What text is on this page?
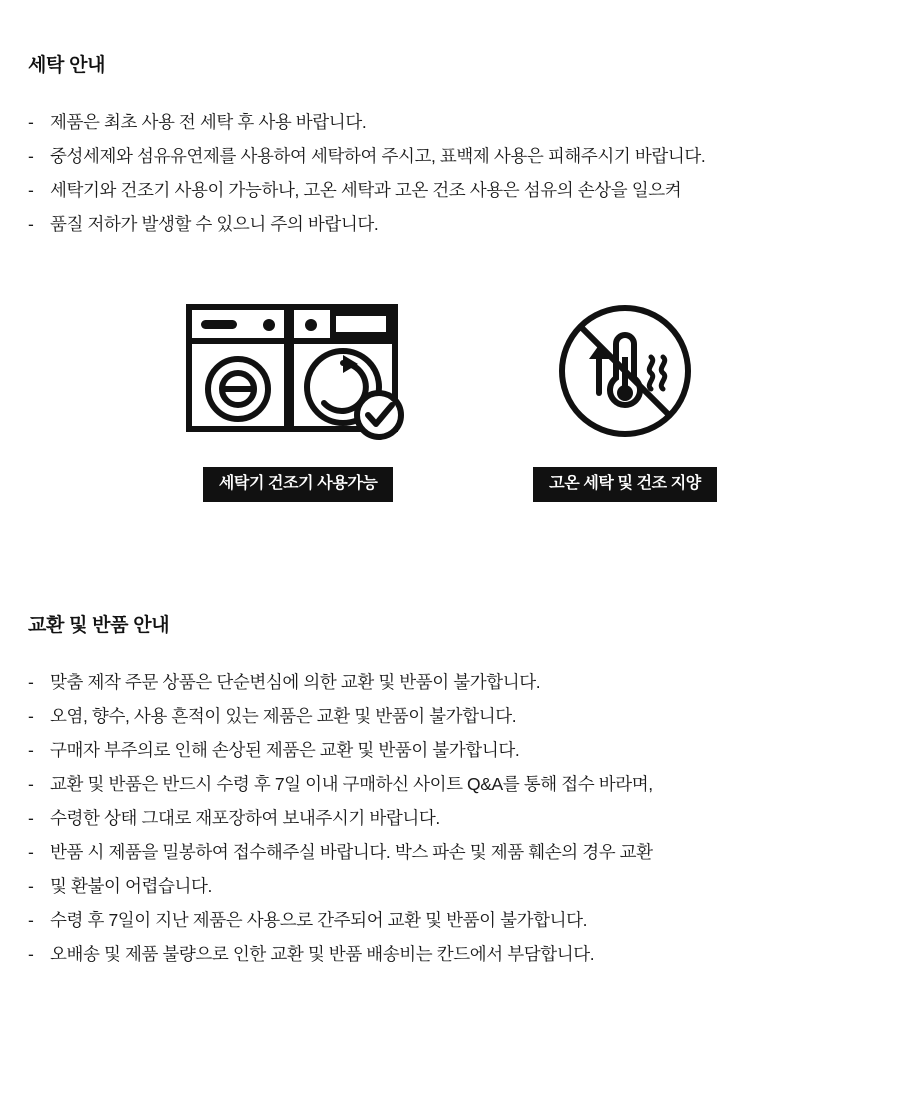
세탁 안내
- 제품은 최초 사용 전 세탁 후 사용 바랍니다.
- 중성세제와 섬유유연제를 사용하여 세탁하여 주시고, 표백제 사용은 피해주시기 바랍니다.
- 세탁기와 건조기 사용이 가능하나, 고온 세탁과 고온 건조 사용은 섬유의 손상을 일으켜
- 품질 저하가 발생할 수 있으니 주의 바랍니다.
세탁기 건조기 사용가능	고온 세탁 및 건조 지양
교환 및 반품 안내
- 맞춤 제작 주문 상품은 단순변심에 의한 교환 및 반품이 불가합니다.
- 오염, 향수, 사용 흔적이 있는 제품은 교환 및 반품이 불가합니다.
- 구매자 부주의로 인해 손상된 제품은 교환 및 반품이 불가합니다.
- 교환 및 반품은 반드시 수령 후 7일 이내 구매하신 사이트 Q&A를 통해 접수 바라며,
- 수령한 상태 그대로 재포장하여 보내주시기 바랍니다.
- 반품 시 제품을 밀봉하여 접수해주실 바랍니다. 박스 파손 및 제품 훼손의 경우 교환
- 및 환불이 어렵습니다.
- 수령 후 7일이 지난 제품은 사용으로 간주되어 교환 및 반품이 불가합니다.
- 오배송 및 제품 불량으로 인한 교환 및 반품 배송비는 칸드에서 부담합니다.
